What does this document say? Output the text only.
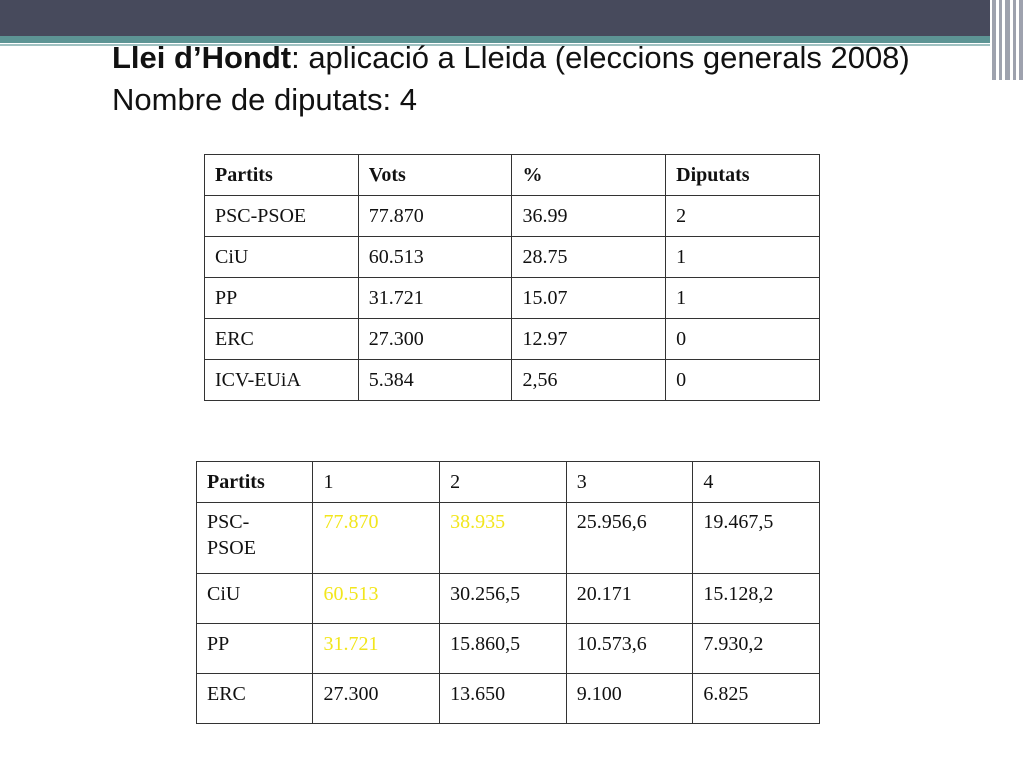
Llei d’Hondt: aplicació a Lleida (eleccions generals 2008)
Nombre de diputats: 4
Partits	Vots	%	Diputats
PSC-PSOE	77.870	36.99	2
CiU	60.513	28.75	1
PP	31.721	15.07	1
ERC	27.300	12.97	0
ICV-EUiA	5.384	2,56	0
Partits	1	2	3	4
PSC-PSOE	77.870	38.935	25.956,6	19.467,5
CiU	60.513	30.256,5	20.171	15.128,2
PP	31.721	15.860,5	10.573,6	7.930,2
ERC	27.300	13.650	9.100	6.825
